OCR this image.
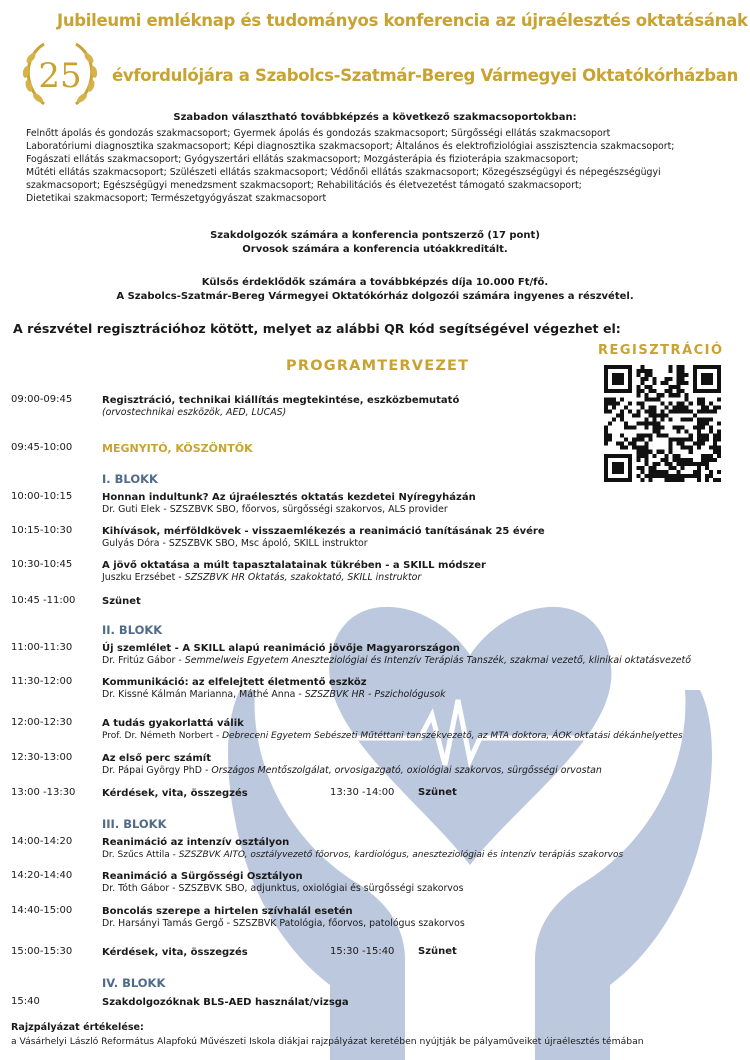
Jubileumi emléknap és tudományos konferencia az újraélesztés oktatásának
25 évfordulójára a Szabolcs-Szatmár-Bereg Vármegyei Oktatókórházban
Szabadon választható továbbképzés a következő szakmacsoportokban:
Felnőtt ápolás és gondozás szakmacsoport; Gyermek ápolás és gondozás szakmacsoport; Sürgősségi ellátás szakmacsoport
Laboratóriumi diagnosztika szakmacsoport; Képi diagnosztika szakmacsoport; Általános és elektrofiziológiai asszisztencia szakmacsoport;
Fogászati ellátás szakmacsoport; Gyógyszertári ellátás szakmacsoport; Mozgásterápia és fizioterápia szakmacsoport;
Műtéti ellátás szakmacsoport; Szülészeti ellátás szakmacsoport; Védőnői ellátás szakmacsoport; Közegészségügyi és népegészségügyi
szakmacsoport; Egészségügyi menedzsment szakmacsoport; Rehabilitációs és életvezetést támogató szakmacsoport;
Dietetikai szakmacsoport; Természetgyógyászat szakmacsoport
Szakdolgozók számára a konferencia pontszerző (17 pont)
Orvosok számára a konferencia utóakkreditált.
Külsős érdeklődők számára a továbbképzés díja 10.000 Ft/fő.
A Szabolcs-Szatmár-Bereg Vármegyei Oktatókórház dolgozói számára ingyenes a részvétel.
A részvétel regisztrációhoz kötött, melyet az alábbi QR kód segítségével végezhet el:
REGISZTRÁCIÓ
PROGRAMTERVEZET
09:00-09:45	Regisztráció, technikai kiállítás megtekintése, eszközbemutató
(orvostechnikai eszközök, AED, LUCAS)
09:45-10:00	MEGNYITÓ, KÖSZÖNTŐK
I. BLOKK
10:00-10:15	Honnan indultunk? Az újraélesztés oktatás kezdetei Nyíregyházán
Dr. Guti Elek - SZSZBVK SBO, főorvos, sürgősségi szakorvos, ALS provider
10:15-10:30	Kihívások, mérföldkövek - visszaemlékezés a reanimáció tanításának 25 évére
Gulyás Dóra - SZSZBVK SBO, Msc ápoló, SKILL instruktor
10:30-10:45	A jövő oktatása a múlt tapasztalatainak tükrében - a SKILL módszer
Juszku Erzsébet - SZSZBVK HR Oktatás, szakoktató, SKILL instruktor
10:45 -11:00	Szünet
II. BLOKK
11:00-11:30	Új szemlélet - A SKILL alapú reanimáció jövője Magyarországon
Dr. Fritúz Gábor - Semmelweis Egyetem Aneszteziológiai és Intenzív Terápiás Tanszék, szakmai vezető, klinikai oktatásvezető
11:30-12:00	Kommunikáció: az elfelejtett életmentő eszköz
Dr. Kissné Kálmán Marianna, Máthé Anna - SZSZBVK HR - Pszichológusok
12:00-12:30	A tudás gyakorlattá válik
Prof. Dr. Németh Norbert - Debreceni Egyetem Sebészeti Műtéttani tanszékvezető, az MTA doktora, ÁOK oktatási dékánhelyettes
12:30-13:00	Az első perc számít
Dr. Pápai György PhD - Országos Mentőszolgálat, orvosigazgató, oxiológiai szakorvos, sürgősségi orvostan
13:00 -13:30	Kérdések, vita, összegzés	13:30 -14:00 Szünet
III. BLOKK
14:00-14:20	Reanimáció az intenzív osztályon
Dr. Szűcs Attila - SZSZBVK AITO, osztályvezető főorvos, kardiológus, aneszteziológiai és intenzív terápiás szakorvos
14:20-14:40	Reanimáció a Sürgősségi Osztályon
Dr. Tóth Gábor - SZSZBVK SBO, adjunktus, oxiológiai és sürgősségi szakorvos
14:40-15:00	Boncolás szerepe a hirtelen szívhalál esetén
Dr. Harsányi Tamás Gergő - SZSZBVK Patológia, főorvos, patológus szakorvos
15:00-15:30	Kérdések, vita, összegzés	15:30 -15:40 Szünet
IV. BLOKK
15:40	Szakdolgozóknak BLS-AED használat/vizsga
Rajzpályázat értékelése:
a Vásárhelyi László Református Alapfokú Művészeti Iskola diákjai rajzpályázat keretében nyújtják be pályaműveiket újraélesztés témában
